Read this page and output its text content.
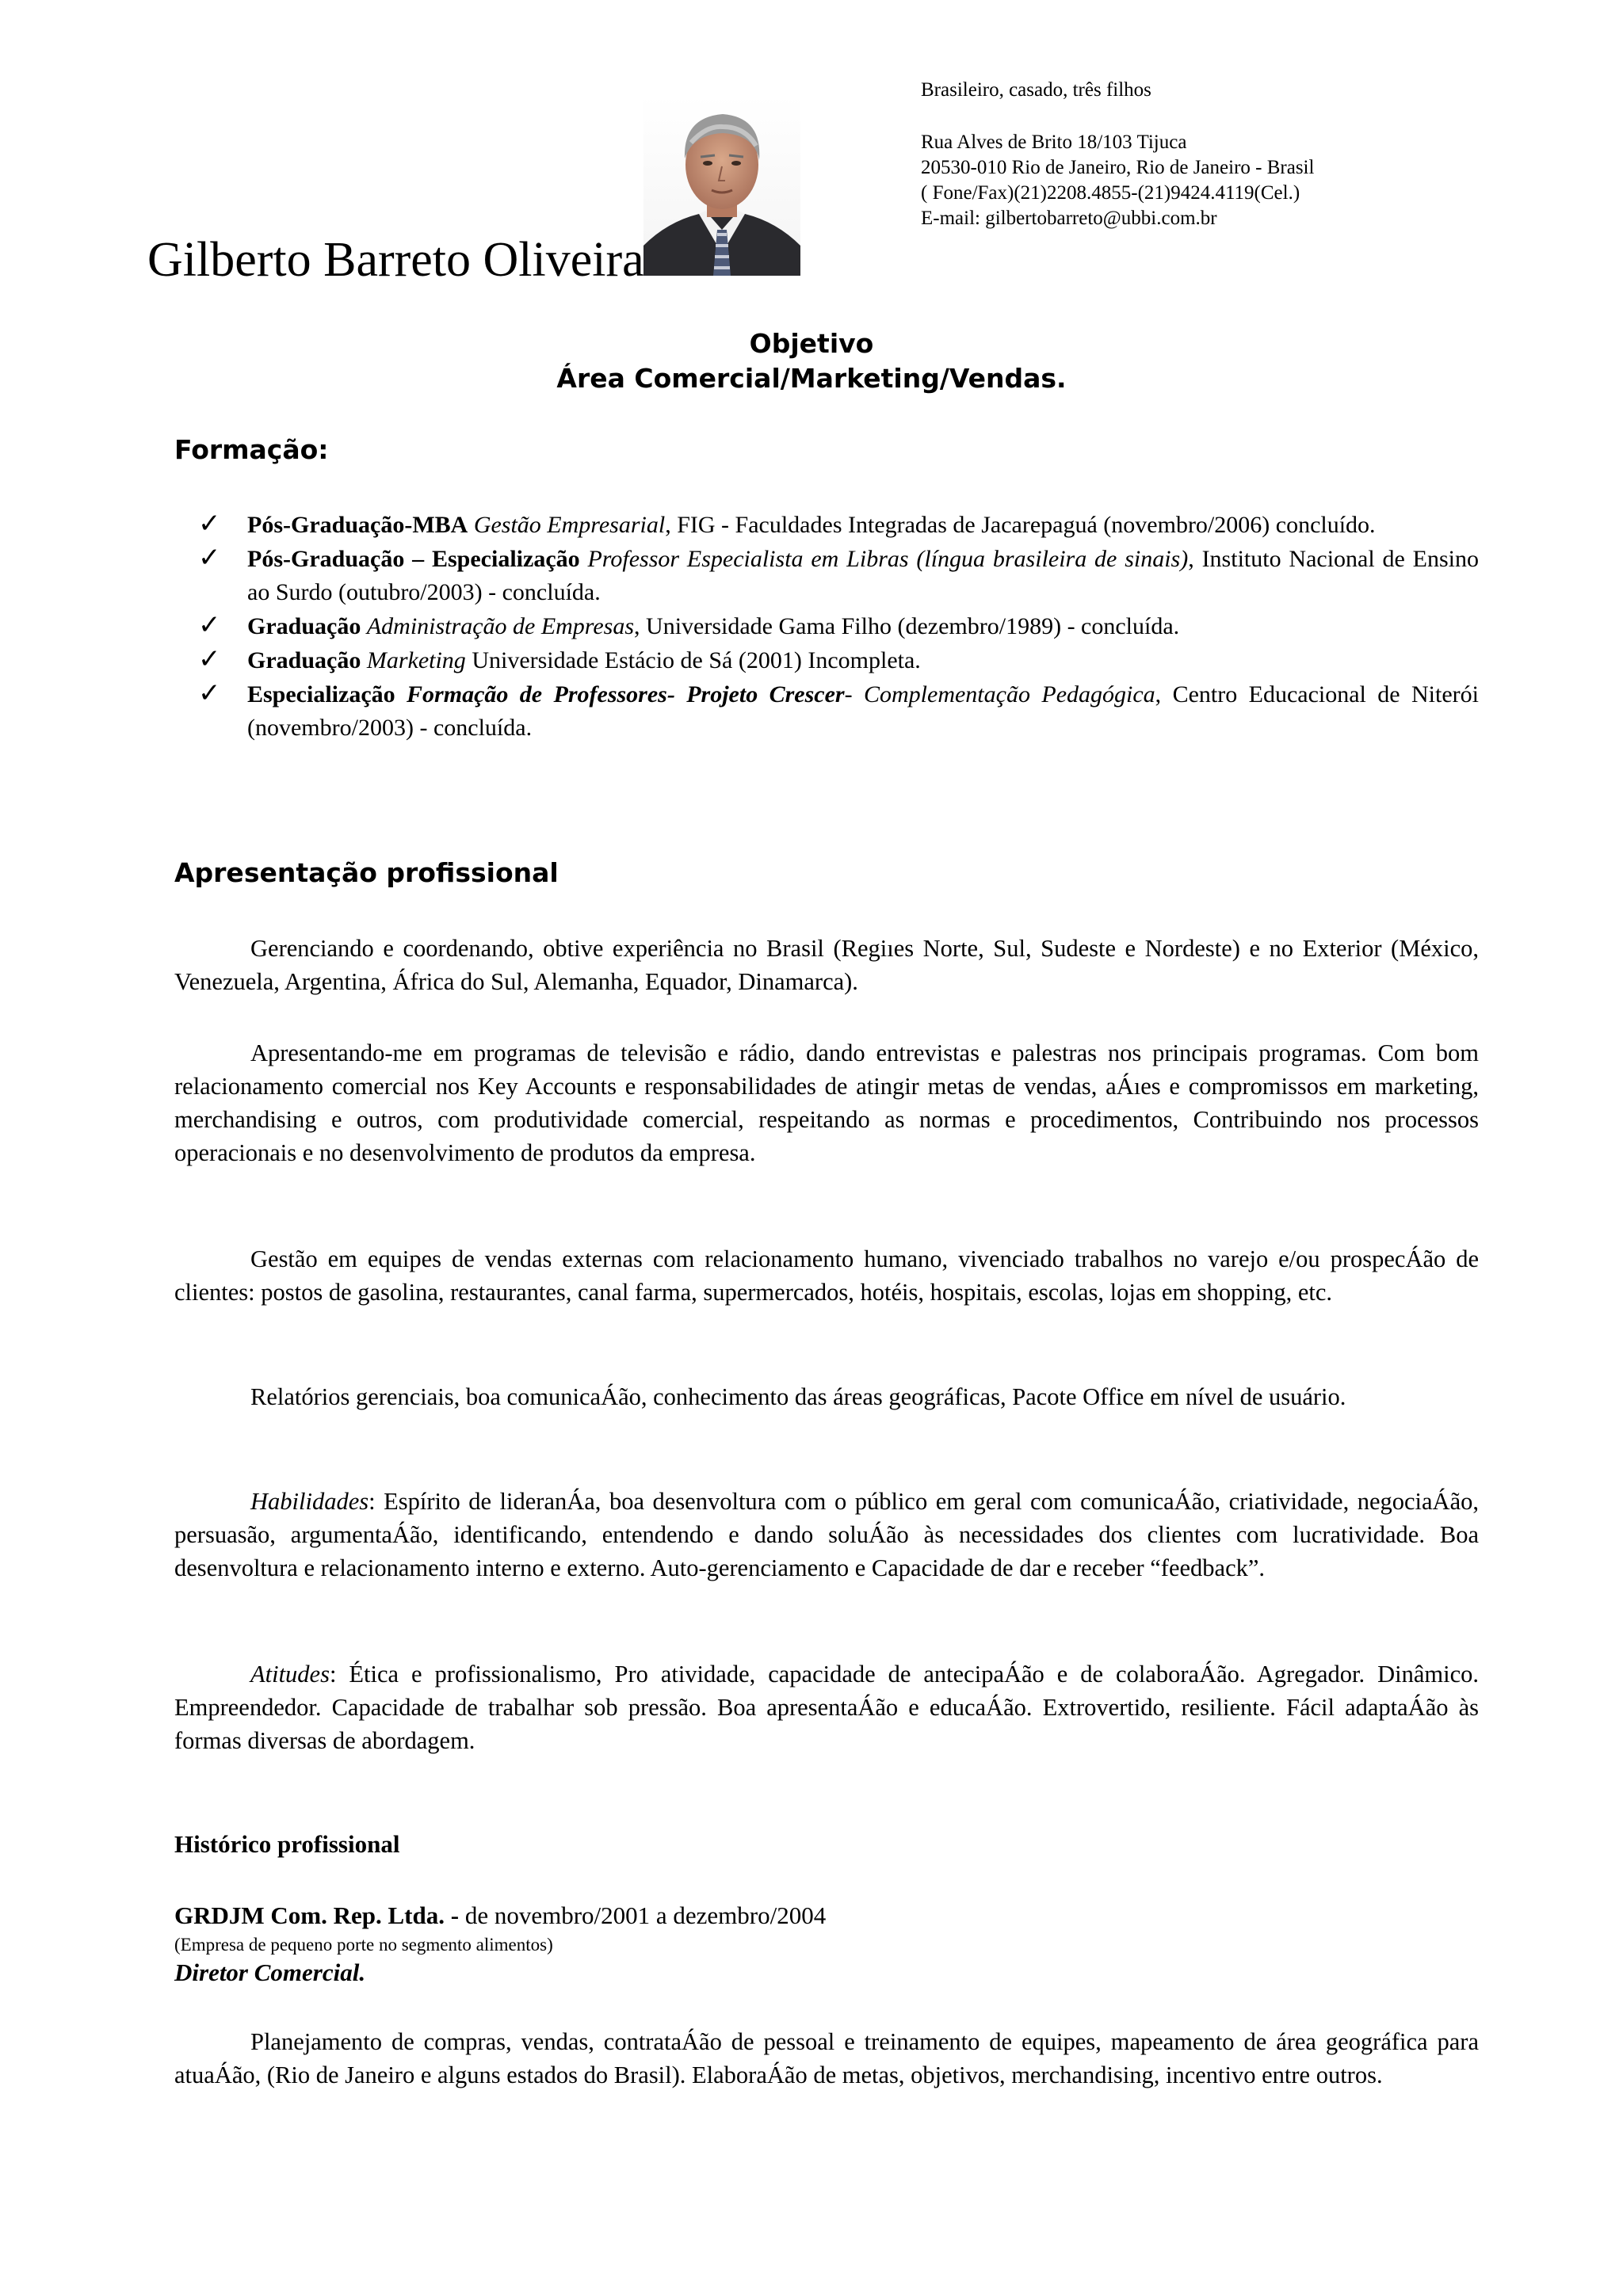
Brasileiro, casado, três filhos
Rua Alves de Brito 18/103 Tijuca
20530-010 Rio de Janeiro, Rio de Janeiro - Brasil
( Fone/Fax)(21)2208.4855-(21)9424.4119(Cel.)
E-mail: gilbertobarreto@ubbi.com.br
Gilberto Barreto Oliveira
Objetivo
Área Comercial/Marketing/Vendas.
Formação:
✓ Pós-Graduação-MBA Gestão Empresarial, FIG - Faculdades Integradas de Jacarepaguá (novembro/2006) concluído.
✓ Pós-Graduação – Especialização Professor Especialista em Libras (língua brasileira de sinais), Instituto Nacional de Ensino ao Surdo (outubro/2003) - concluída.
✓ Graduação Administração de Empresas, Universidade Gama Filho (dezembro/1989) - concluída.
✓ Graduação Marketing Universidade Estácio de Sá (2001) Incompleta.
✓ Especialização Formação de Professores- Projeto Crescer- Complementação Pedagógica, Centro Educacional de Niterói (novembro/2003) - concluída.
Apresentação profissional
Gerenciando e coordenando, obtive experiência no Brasil (Regiıes Norte, Sul, Sudeste e Nordeste) e no Exterior (México, Venezuela, Argentina, África do Sul, Alemanha, Equador, Dinamarca).
Apresentando-me em programas de televisão e rádio, dando entrevistas e palestras nos principais programas. Com bom relacionamento comercial nos Key Accounts e responsabilidades de atingir metas de vendas, aÁıes e compromissos em marketing, merchandising e outros, com produtividade comercial, respeitando as normas e procedimentos, Contribuindo nos processos operacionais e no desenvolvimento de produtos da empresa.
Gestão em equipes de vendas externas com relacionamento humano, vivenciado trabalhos no varejo e/ou prospecÁão de clientes: postos de gasolina, restaurantes, canal farma, supermercados, hotéis, hospitais, escolas, lojas em shopping, etc.
Relatórios gerenciais, boa comunicaÁão, conhecimento das áreas geográficas, Pacote Office em nível de usuário.
Habilidades: Espírito de lideranÁa, boa desenvoltura com o público em geral com comunicaÁão, criatividade, negociaÁão, persuasão, argumentaÁão, identificando, entendendo e dando soluÁão às necessidades dos clientes com lucratividade. Boa desenvoltura e relacionamento interno e externo. Auto-gerenciamento e Capacidade de dar e receber “feedback”.
Atitudes: Ética e profissionalismo, Pro atividade, capacidade de antecipaÁão e de colaboraÁão. Agregador. Dinâmico. Empreendedor. Capacidade de trabalhar sob pressão. Boa apresentaÁão e educaÁão. Extrovertido, resiliente. Fácil adaptaÁão às formas diversas de abordagem.
Histórico profissional
GRDJM Com. Rep. Ltda. - de novembro/2001 a dezembro/2004
(Empresa de pequeno porte no segmento alimentos)
Diretor Comercial.
Planejamento de compras, vendas, contrataÁão de pessoal e treinamento de equipes, mapeamento de área geográfica para atuaÁão, (Rio de Janeiro e alguns estados do Brasil). ElaboraÁão de metas, objetivos, merchandising, incentivo entre outros.
